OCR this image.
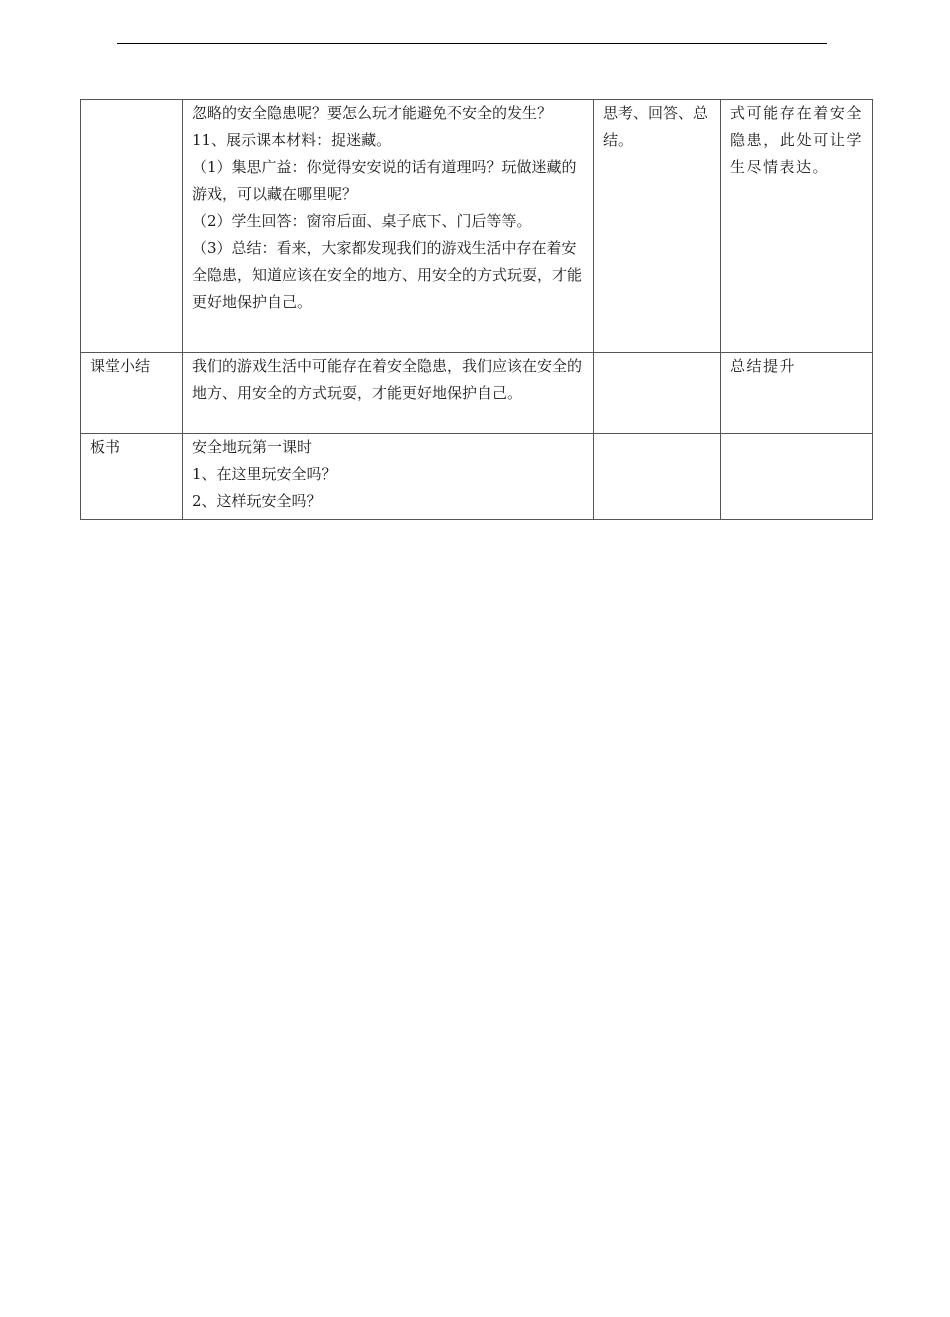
	忽略的安全隐患呢？要怎么玩才能避免不安全的发生？
11、展示课本材料：捉迷藏。
（1）集思广益：你觉得安安说的话有道理吗？玩做迷藏的游戏，可以藏在哪里呢？
（2）学生回答：窗帘后面、桌子底下、门后等等。
（3）总结：看来，大家都发现我们的游戏生活中存在着安全隐患，知道应该在安全的地方、用安全的方式玩耍，才能更好地保护自己。	思考、回答、总结。	式可能存在着安全隐患，此处可让学生尽情表达。
课堂小结	我们的游戏生活中可能存在着安全隐患，我们应该在安全的地方、用安全的方式玩耍，才能更好地保护自己。		总结提升
板书	安全地玩第一课时
1、在这里玩安全吗？
2、这样玩安全吗？		
